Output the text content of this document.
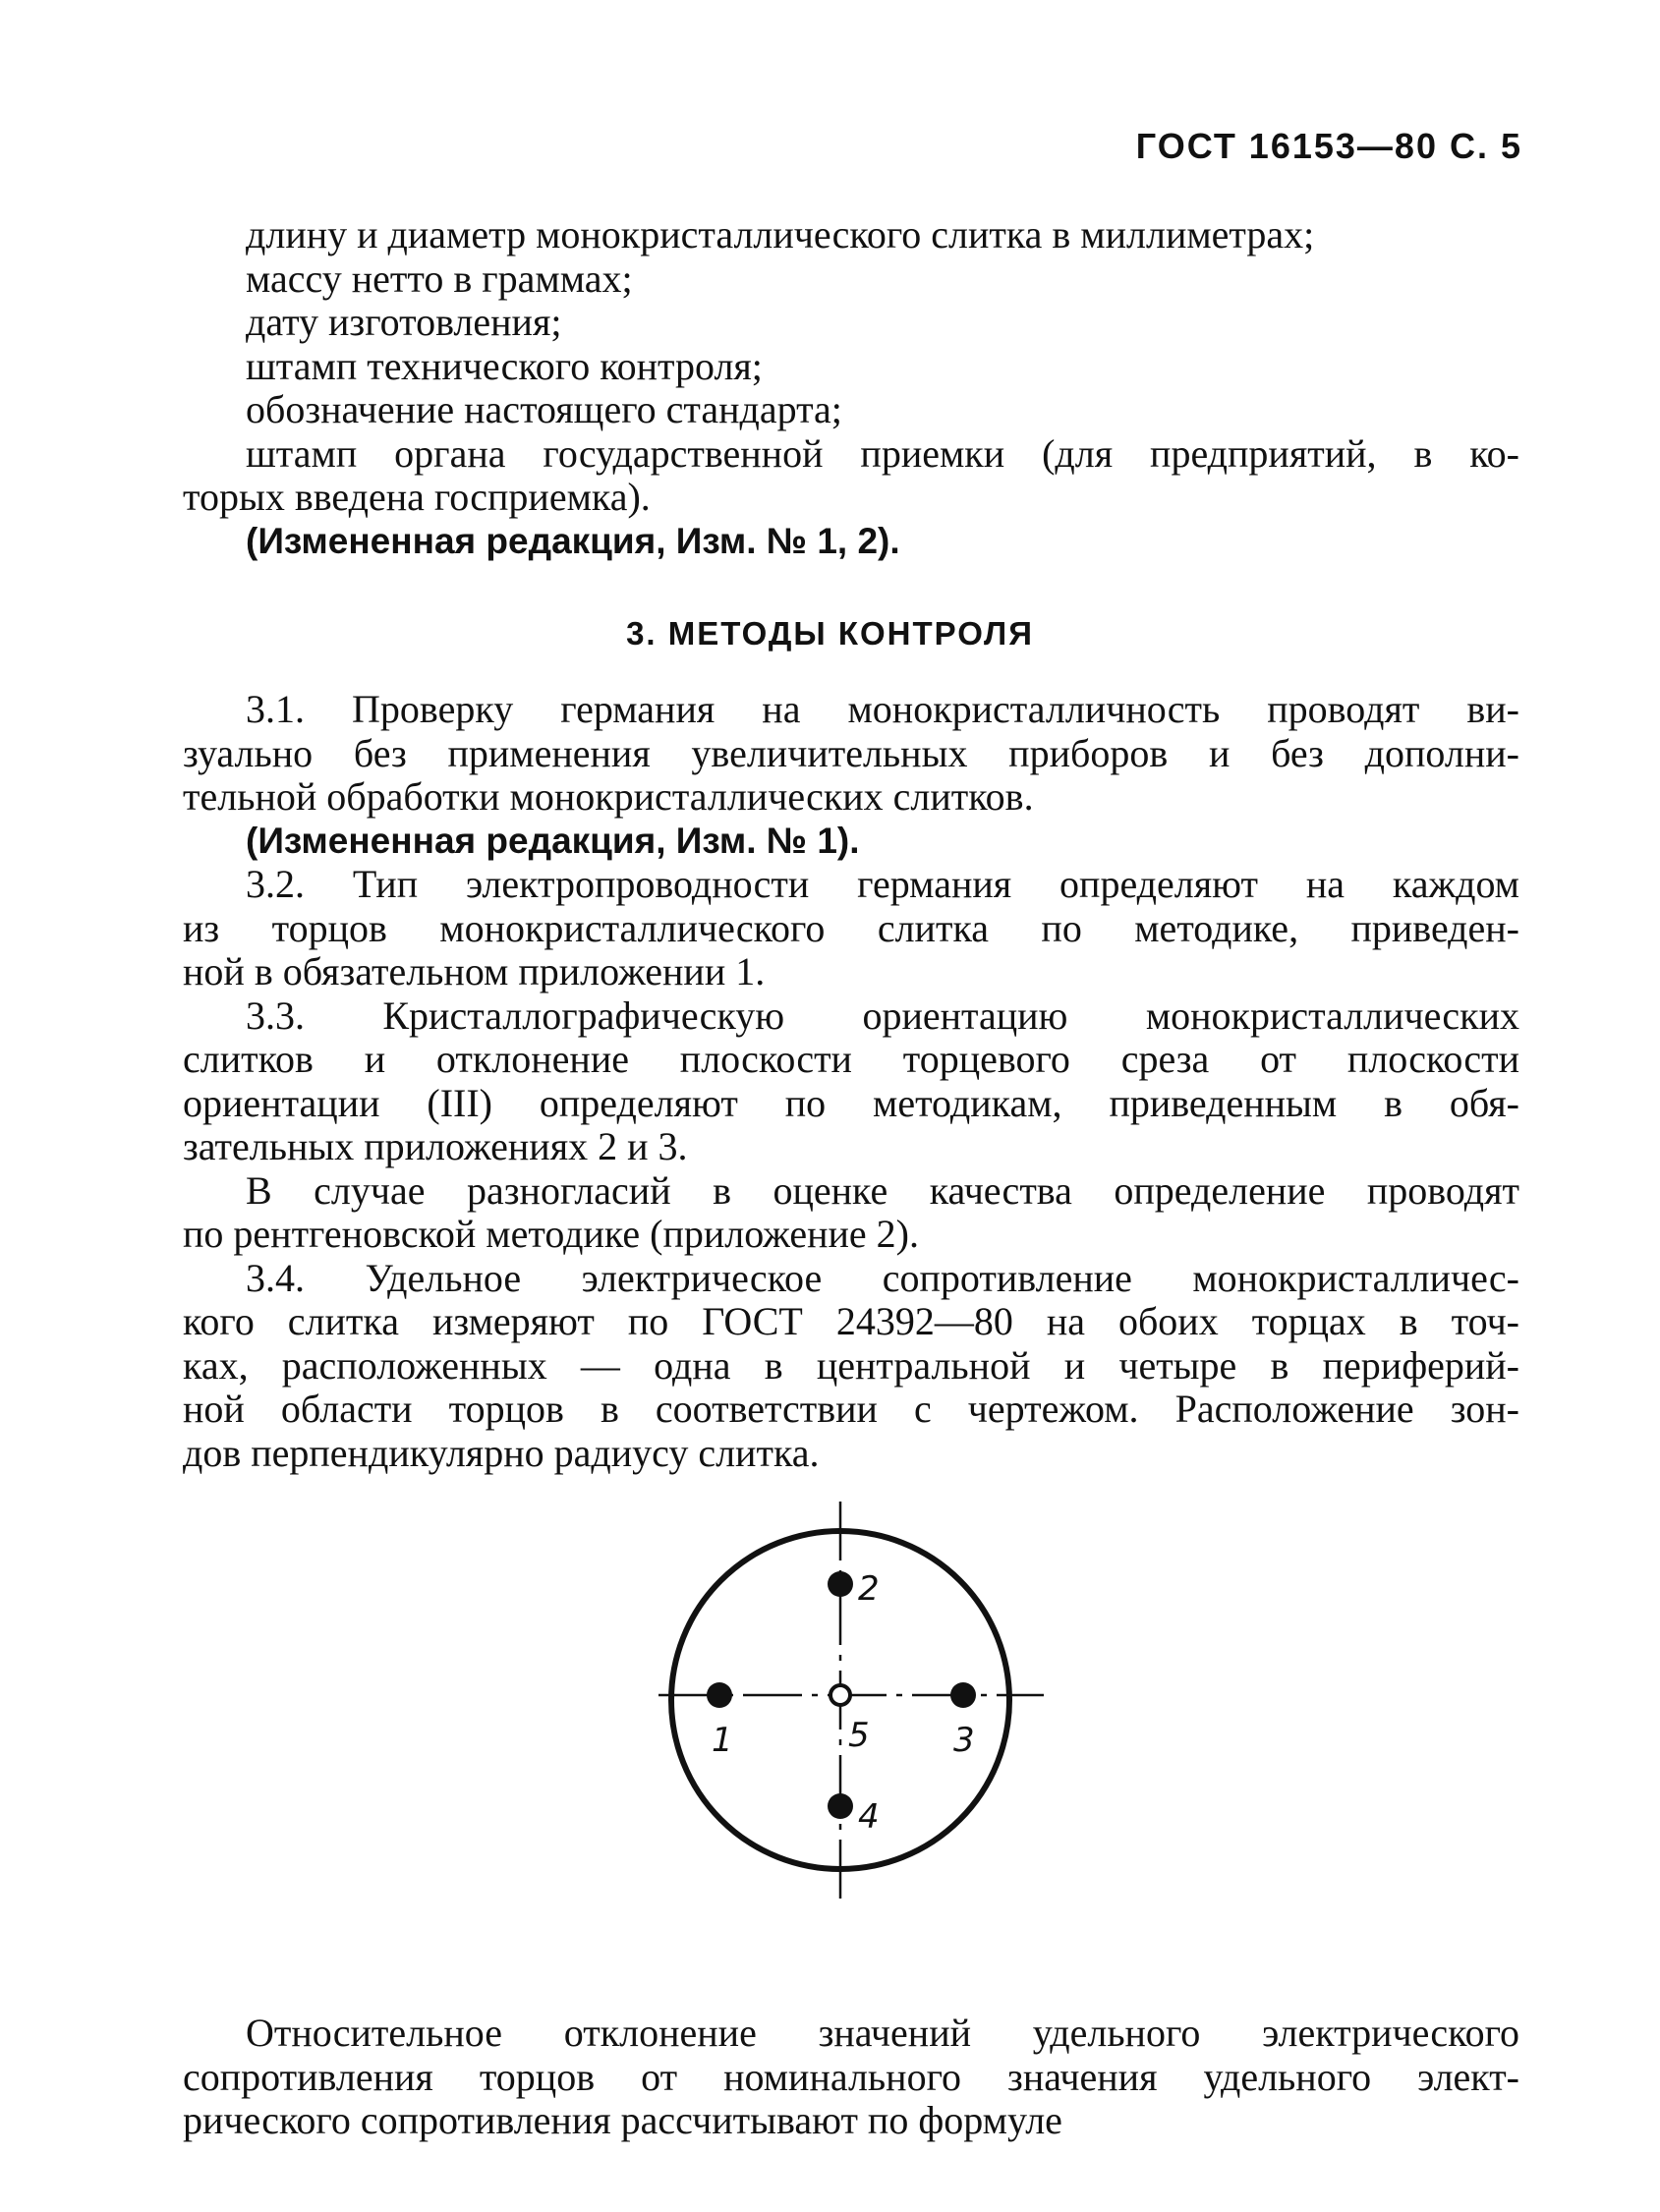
ГОСТ 16153—80 С. 5
длину и диаметр монокристаллического слитка в миллиметрах;
массу нетто в граммах;
дату изготовления;
штамп технического контроля;
обозначение настоящего стандарта;
штамп органа государственной приемки (для предприятий, в ко-
торых введена госприемка).
(Измененная редакция, Изм. № 1, 2).
3. МЕТОДЫ КОНТРОЛЯ
3.1. Проверку германия на монокристалличность проводят ви-
зуально без применения увеличительных приборов и без дополни-
тельной обработки монокристаллических слитков.
(Измененная редакция, Изм. № 1).
3.2. Тип электропроводности германия определяют на каждом
из торцов монокристаллического слитка по методике, приведен-
ной в обязательном приложении 1.
3.3. Кристаллографическую ориентацию монокристаллических
слитков и отклонение плоскости торцевого среза от плоскости
ориентации (III) определяют по методикам, приведенным в обя-
зательных приложениях 2 и 3.
В случае разногласий в оценке качества определение проводят
по рентгеновской методике (приложение 2).
3.4. Удельное электрическое сопротивление монокристалличес-
кого слитка измеряют по ГОСТ 24392—80 на обоих торцах в точ-
ках, расположенных — одна в центральной и четыре в периферий-
ной области торцов в соответствии с чертежом. Расположение зон-
дов перпендикулярно радиусу слитка.
1
2
3
4
5
Относительное отклонение значений удельного электрического
сопротивления торцов от номинального значения удельного элект-
рического сопротивления рассчитывают по формуле
